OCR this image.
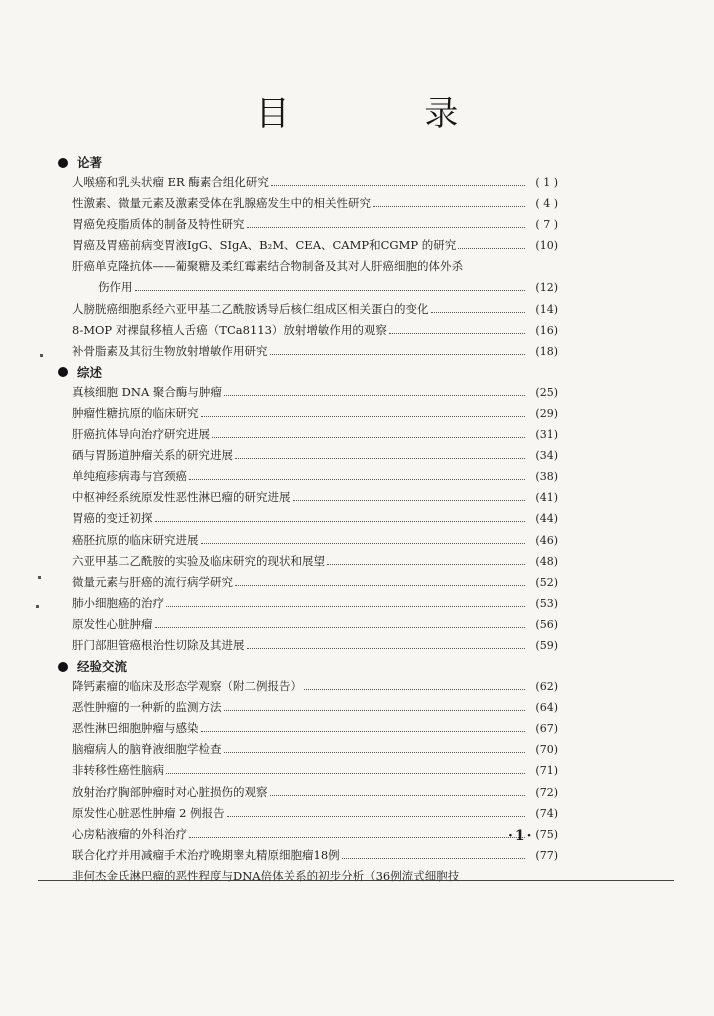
目 录
论著
人喉癌和乳头状瘤 ER 酶素合组化研究	( 1 )
性激素、微量元素及激素受体在乳腺癌发生中的相关性研究	( 4 )
胃癌免疫脂质体的制备及特性研究	( 7 )
胃癌及胃癌前病变胃液IgG、SIgA、B₂M、CEA、CAMP和CGMP 的研究	(10)
肝癌单克隆抗体——葡聚糖及柔红霉素结合物制备及其对人肝癌细胞的体外杀
伤作用	(12)
人膀胱癌细胞系经六亚甲基二乙酰胺诱导后核仁组成区相关蛋白的变化	(14)
8-MOP 对裸鼠移植人舌癌（TCa8113）放射增敏作用的观察	(16)
补骨脂素及其衍生物放射增敏作用研究	(18)
综述
真核细胞 DNA 聚合酶与肿瘤	(25)
肿瘤性糖抗原的临床研究	(29)
肝癌抗体导向治疗研究进展	(31)
硒与胃肠道肿瘤关系的研究进展	(34)
单纯疱疹病毒与宫颈癌	(38)
中枢神经系统原发性恶性淋巴瘤的研究进展	(41)
胃癌的变迁初探	(44)
癌胚抗原的临床研究进展	(46)
六亚甲基二乙酰胺的实验及临床研究的现状和展望	(48)
微量元素与肝癌的流行病学研究	(52)
肺小细胞癌的治疗	(53)
原发性心脏肿瘤	(56)
肝门部胆管癌根治性切除及其进展	(59)
经验交流
降钙素瘤的临床及形态学观察（附二例报告）	(62)
恶性肿瘤的一种新的监测方法	(64)
恶性淋巴细胞肿瘤与感染	(67)
脑瘤病人的脑脊液细胞学检查	(70)
非转移性癌性脑病	(71)
放射治疗胸部肿瘤时对心脏损伤的观察	(72)
原发性心脏恶性肿瘤 2 例报告	(74)
心房粘液瘤的外科治疗	(75)
联合化疗并用减瘤手术治疗晚期睾丸精原细胞瘤18例	(77)
非何杰金氏淋巴瘤的恶性程度与DNA倍体关系的初步分析（36例流式细胞技
·1·
